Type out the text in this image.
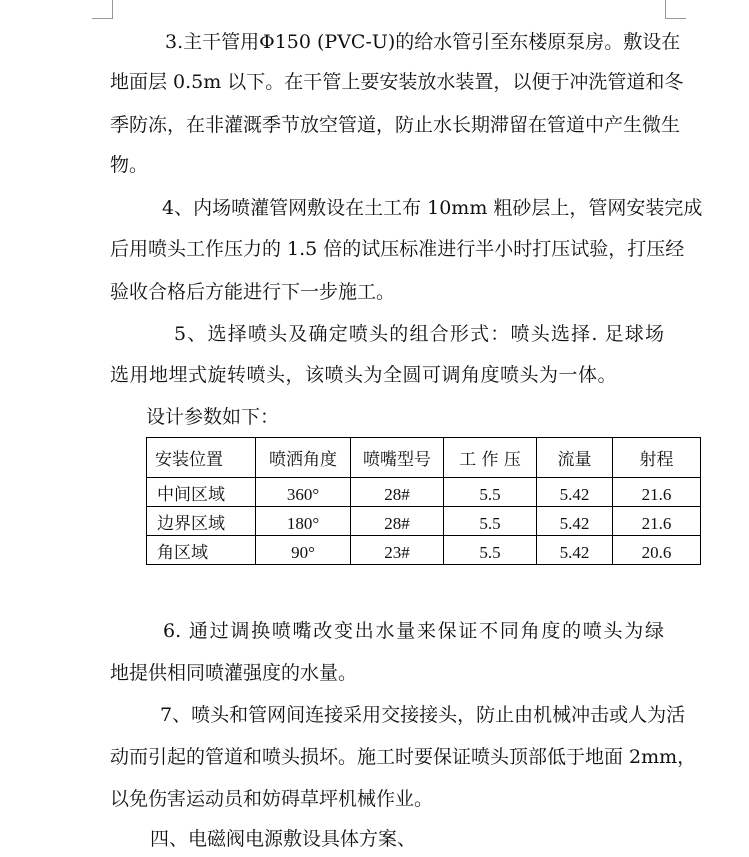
3.主干管用Φ150 (PVC-U)的给水管引至东楼原泵房。敷设在
地面层 0.5m 以下。在干管上要安装放水装置，以便于冲洗管道和冬
季防冻，在非灌溉季节放空管道，防止水长期滞留在管道中产生微生
物。
4、内场喷灌管网敷设在土工布 10mm 粗砂层上，管网安装完成
后用喷头工作压力的 1.5 倍的试压标准进行半小时打压试验，打压经
验收合格后方能进行下一步施工。
5、选择喷头及确定喷头的组合形式：喷头选择. 足球场
选用地埋式旋转喷头，该喷头为全圆可调角度喷头为一体。
设计参数如下：
安装位置	喷洒角度	喷嘴型号	工 作 压	流量	射程
中间区域	360°	28#	5.5	5.42	21.6
边界区域	180°	28#	5.5	5.42	21.6
角区域	90°	23#	5.5	5.42	20.6
6. 通过调换喷嘴改变出水量来保证不同角度的喷头为绿
地提供相同喷灌强度的水量。
7、喷头和管网间连接采用交接接头，防止由机械冲击或人为活
动而引起的管道和喷头损坏。施工时要保证喷头顶部低于地面 2mm，
以免伤害运动员和妨碍草坪机械作业。
四、电磁阀电源敷设具体方案、
